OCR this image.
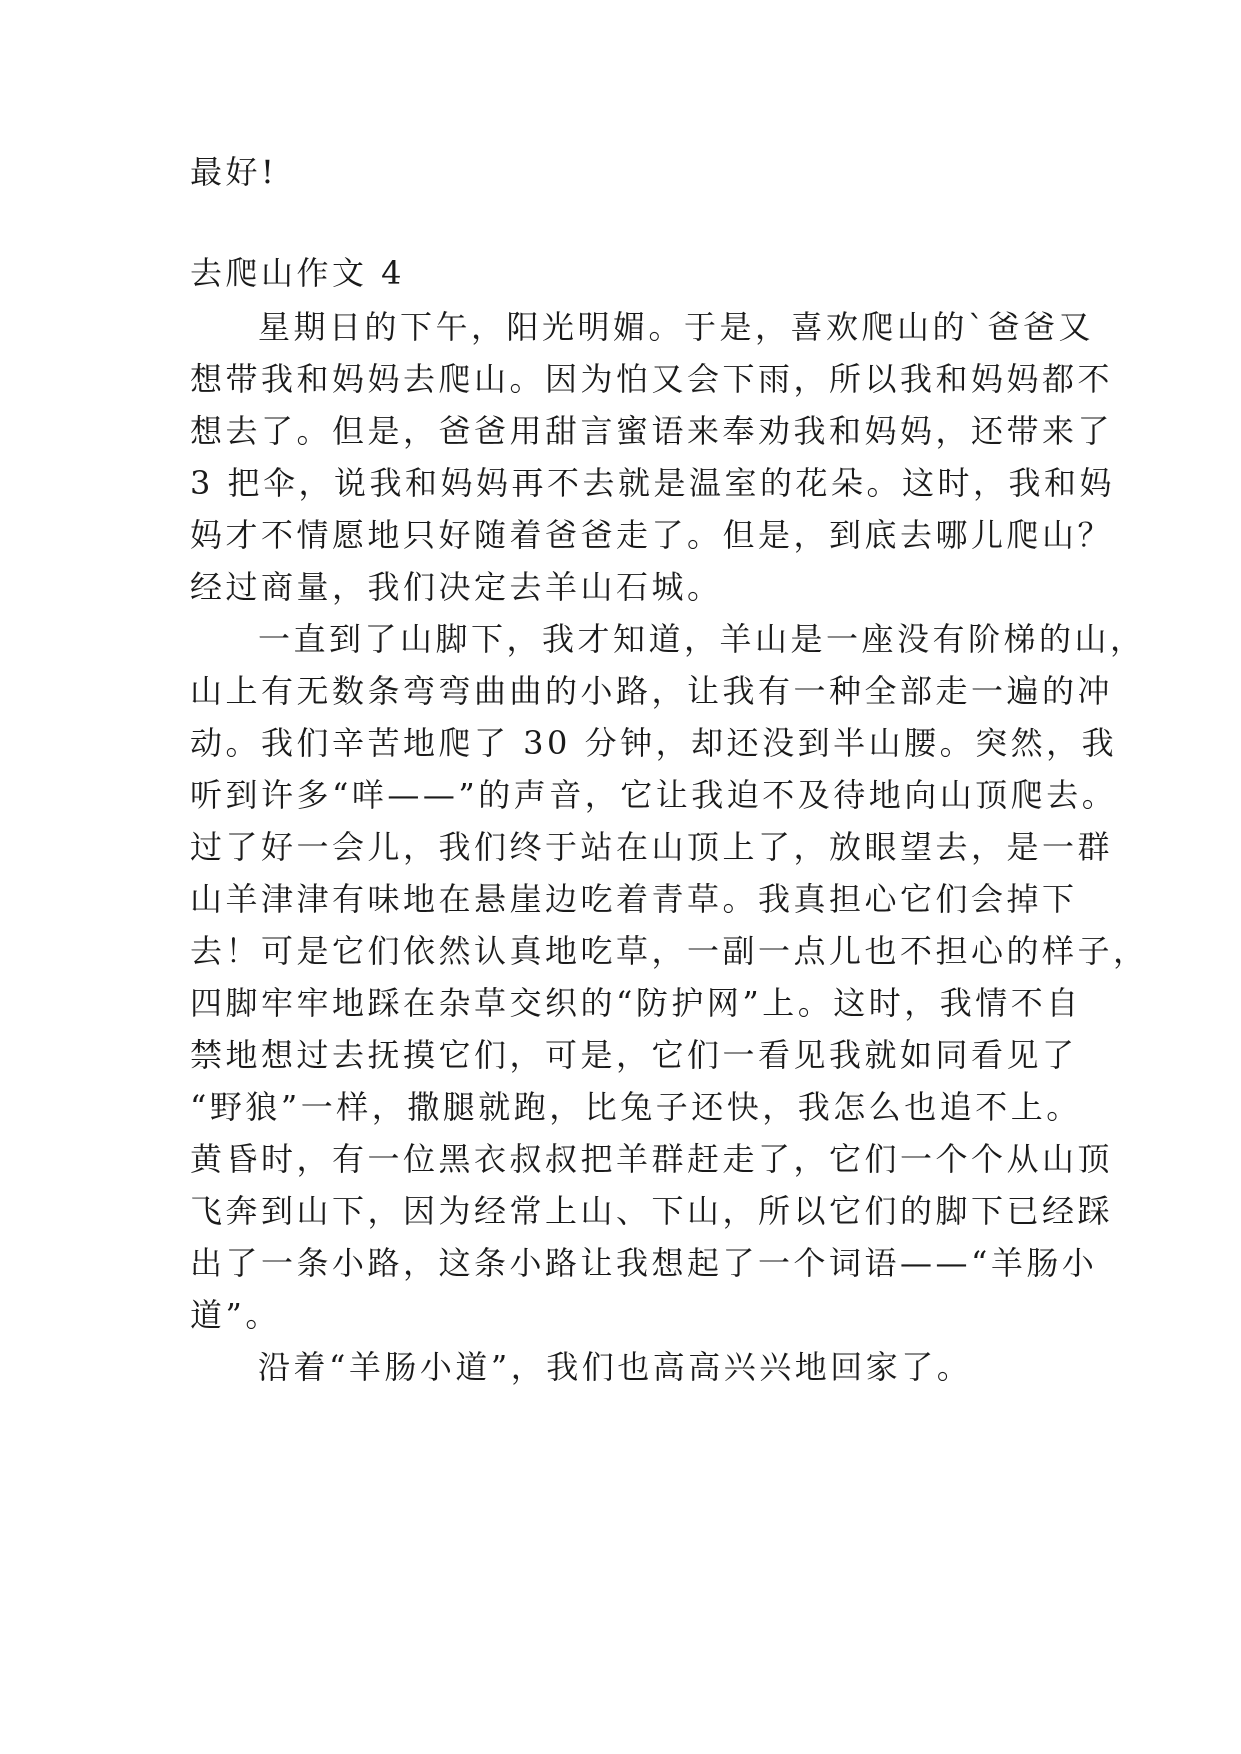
最好!
去爬山作文 4
星期日的下午，阳光明媚。于是，喜欢爬山的`爸爸又
想带我和妈妈去爬山。因为怕又会下雨，所以我和妈妈都不
想去了。但是，爸爸用甜言蜜语来奉劝我和妈妈，还带来了
3 把伞，说我和妈妈再不去就是温室的花朵。这时，我和妈
妈才不情愿地只好随着爸爸走了。但是，到底去哪儿爬山？
经过商量，我们决定去羊山石城。
一直到了山脚下，我才知道，羊山是一座没有阶梯的山，
山上有无数条弯弯曲曲的小路，让我有一种全部走一遍的冲
动。我们辛苦地爬了 30 分钟，却还没到半山腰。突然，我
听到许多“咩——”的声音，它让我迫不及待地向山顶爬去。
过了好一会儿，我们终于站在山顶上了，放眼望去，是一群
山羊津津有味地在悬崖边吃着青草。我真担心它们会掉下
去！可是它们依然认真地吃草，一副一点儿也不担心的样子，
四脚牢牢地踩在杂草交织的“防护网”上。这时，我情不自
禁地想过去抚摸它们，可是，它们一看见我就如同看见了
“野狼”一样，撒腿就跑，比兔子还快，我怎么也追不上。
黄昏时，有一位黑衣叔叔把羊群赶走了，它们一个个从山顶
飞奔到山下，因为经常上山、下山，所以它们的脚下已经踩
出了一条小路，这条小路让我想起了一个词语——“羊肠小
道”。
沿着“羊肠小道”，我们也高高兴兴地回家了。
